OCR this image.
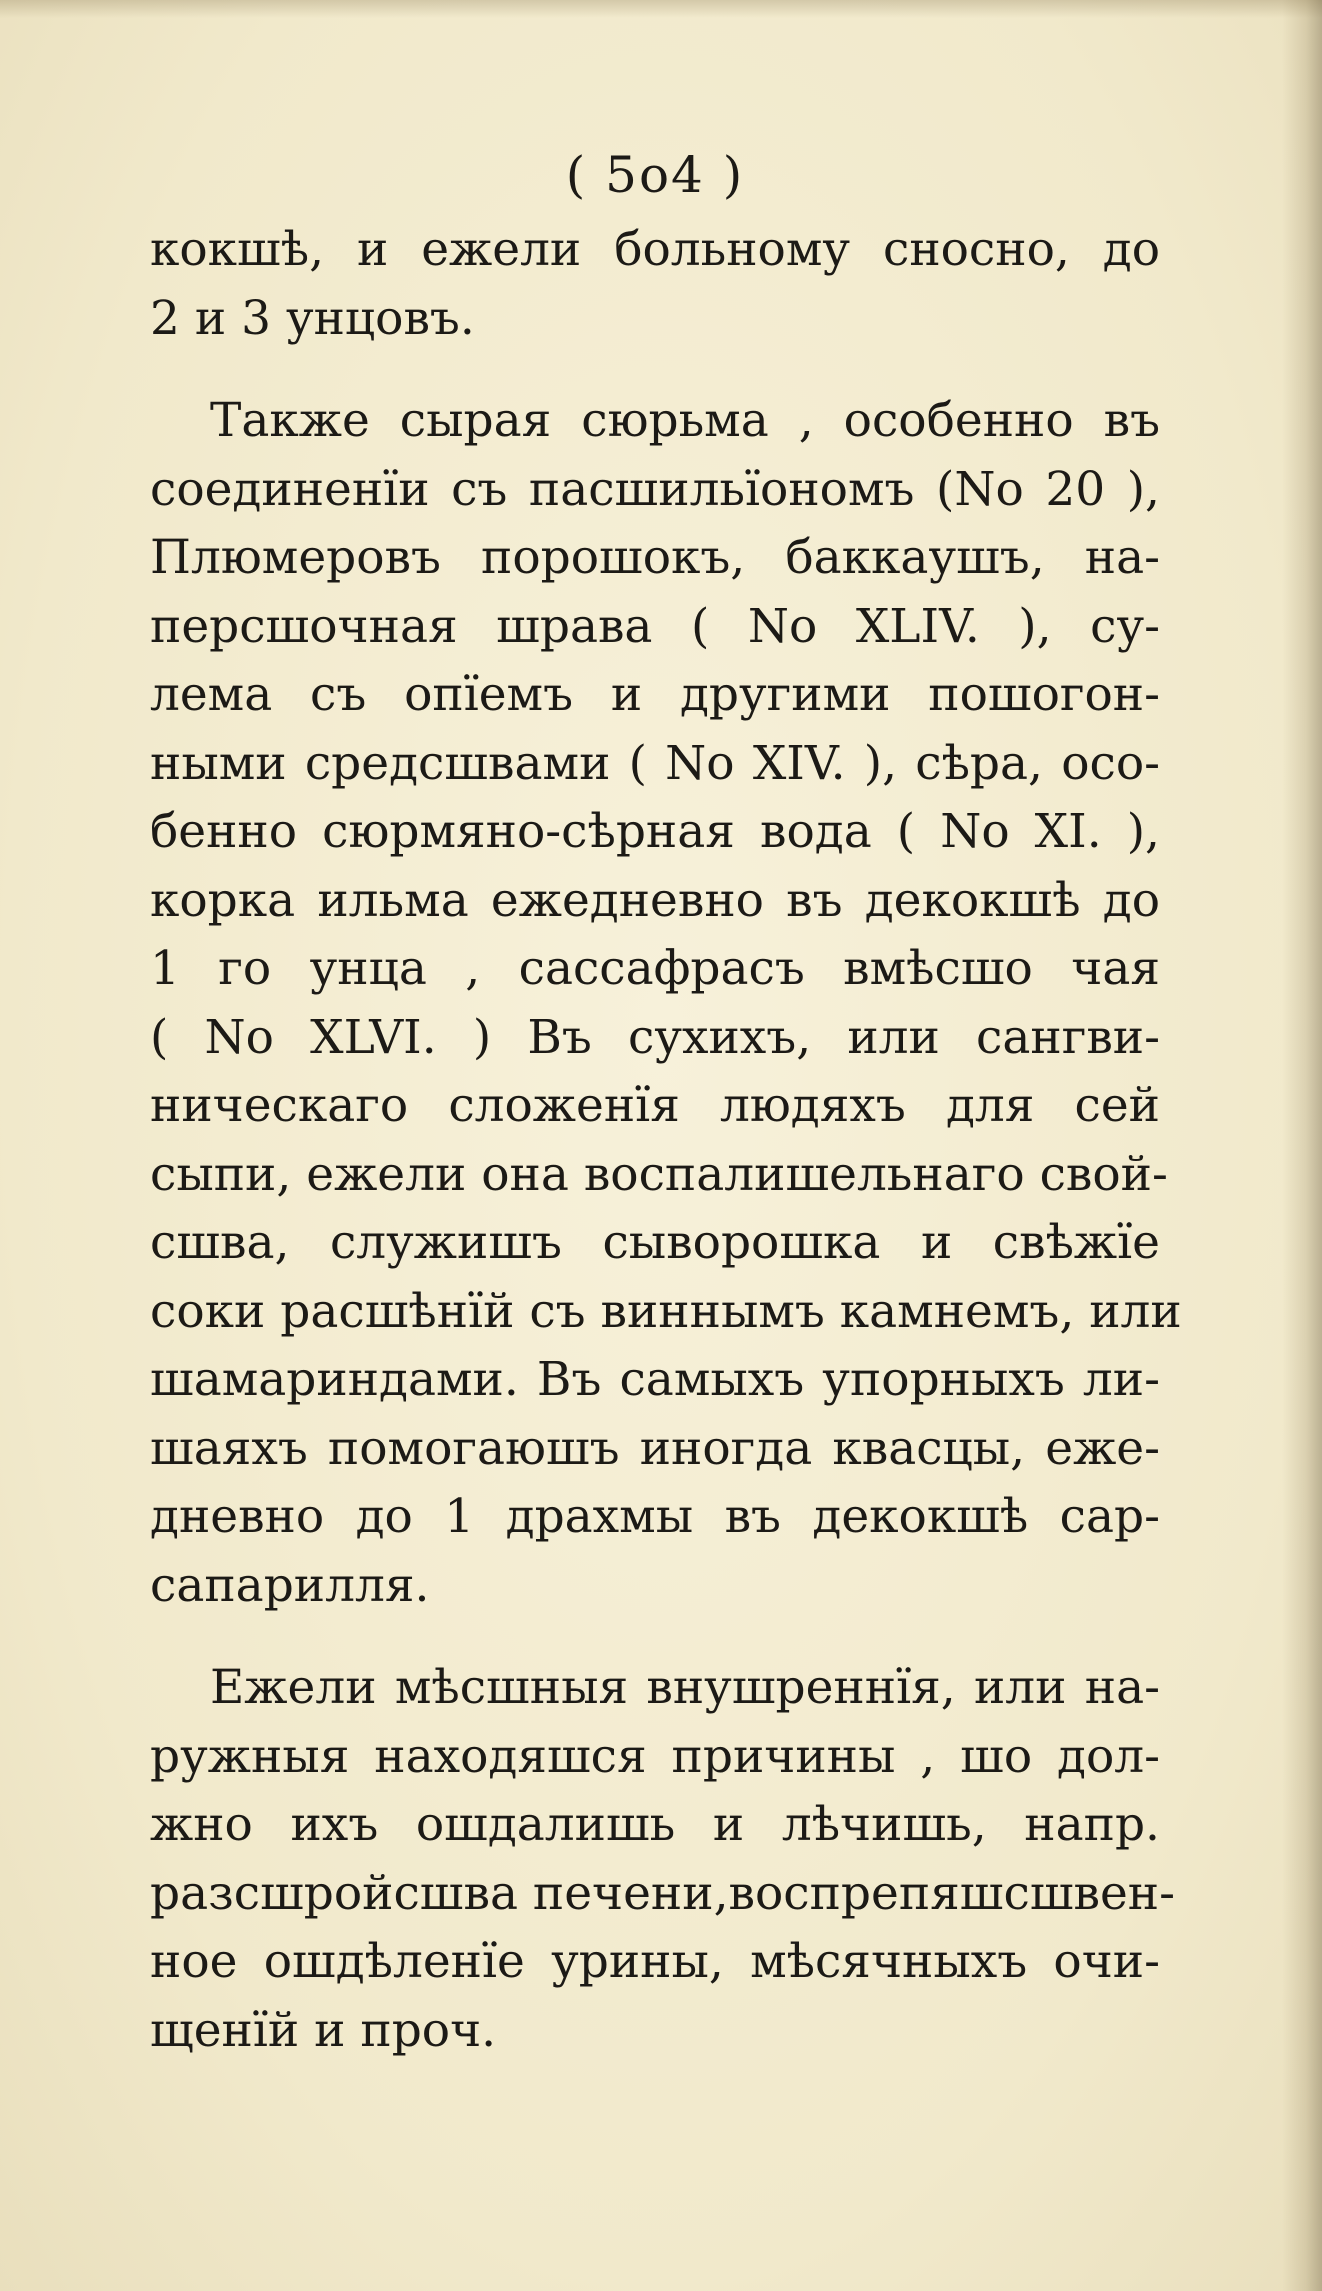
( 5o4 )
кокшѣ, и ежели больному сносно, до
2 и 3 унцовъ.
Также сырая сюрьма , особенно въ
соединенїи съ пасшильїономъ (No 20 ),
Плюмеровъ порошокъ, баккаушъ, на-
персшочная шрава ( No XLIV. ), су-
лема съ опїемъ и другими пошогон-
ными средсшвами ( No XIV. ), сѣра, осо-
бенно сюрмяно-сѣрная вода ( No XI. ),
корка ильма ежедневно въ декокшѣ до
1 го унца , сассафрасъ вмѣсшо чая
( No XLVI. ) Въ сухихъ, или сангви-
ническаго сложенїя людяхъ для сей
сыпи, ежели она воспалишельнаго свой-
сшва, служишъ сыворошка и свѣжїе
соки расшѣнїй съ виннымъ камнемъ, или
шамариндами. Въ самыхъ упорныхъ ли-
шаяхъ помогаюшъ иногда квасцы, еже-
дневно до 1 драхмы въ декокшѣ сар-
сапарилля.
Ежели мѣсшныя внушреннїя, или на-
ружныя находяшся причины , шо дол-
жно ихъ ошдалишь и лѣчишь, напр.
разсшройсшва печени,воспрепяшсшвен-
ное ошдѣленїе урины, мѣсячныхъ очи-
щенїй и проч.
